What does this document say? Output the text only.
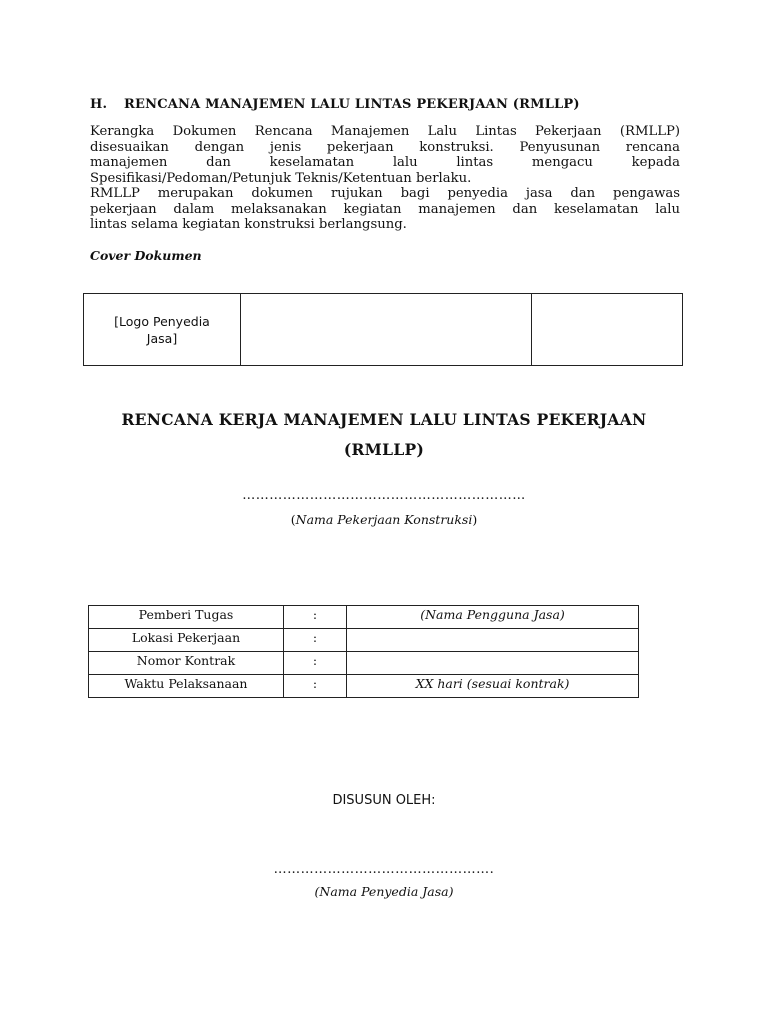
H. RENCANA MANAJEMEN LALU LINTAS PEKERJAAN (RMLLP)
Kerangka Dokumen Rencana Manajemen Lalu Lintas Pekerjaan (RMLLP)
disesuaikan dengan jenis pekerjaan konstruksi. Penyusunan rencana
manajemen dan keselamatan lalu lintas mengacu kepada
Spesifikasi/Pedoman/Petunjuk Teknis/Ketentuan berlaku.
RMLLP merupakan dokumen rujukan bagi penyedia jasa dan pengawas
pekerjaan dalam melaksanakan kegiatan manajemen dan keselamatan lalu
lintas selama kegiatan konstruksi berlangsung.
Cover Dokumen
[Logo Penyedia
Jasa]

RENCANA KERJA MANAJEMEN LALU LINTAS PEKERJAAN
(RMLLP)
………………………………………………………
(Nama Pekerjaan Konstruksi)
Pemberi Tugas	:	(Nama Pengguna Jasa)
Lokasi Pekerjaan	:	
Nomor Kontrak	:	
Waktu Pelaksanaan	:	XX hari (sesuai kontrak)
DISUSUN OLEH:
………………………………………….
(Nama Penyedia Jasa)
